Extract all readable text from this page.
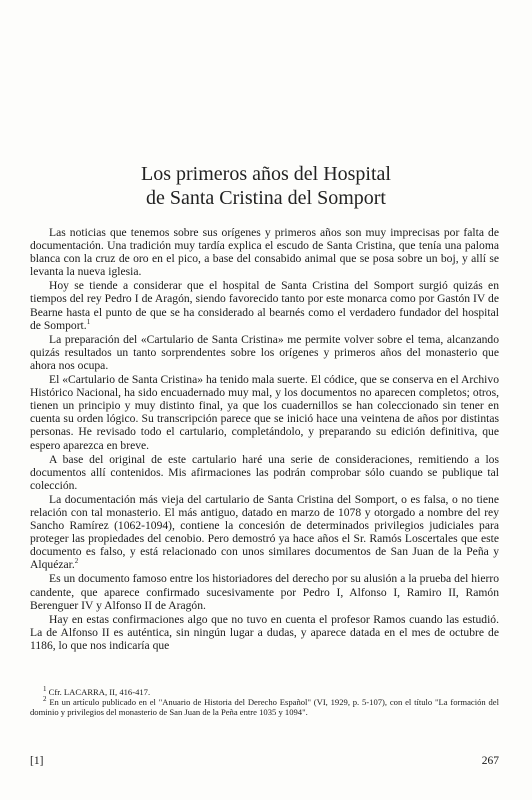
Los primeros años del Hospital
de Santa Cristina del Somport

Las noticias que tenemos sobre sus orígenes y primeros años son muy imprecisas por falta de documentación. Una tradición muy tardía explica el escudo de Santa Cristina, que tenía una paloma blanca con la cruz de oro en el pico, a base del consabido animal que se posa sobre un boj, y allí se levanta la nueva iglesia.

Hoy se tiende a considerar que el hospital de Santa Cristina del Somport surgió quizás en tiempos del rey Pedro I de Aragón, siendo favorecido tanto por este monarca como por Gastón IV de Bearne hasta el punto de que se ha considerado al bearnés como el verdadero fundador del hospital de Somport.$^1$

La preparación del «Cartulario de Santa Cristina» me permite volver sobre el tema, alcanzando quizás resultados un tanto sorprendentes sobre los orígenes y primeros años del monasterio que ahora nos ocupa.

El «Cartulario de Santa Cristina» ha tenido mala suerte. El códice, que se conserva en el Archivo Histórico Nacional, ha sido encuadernado muy mal, y los documentos no aparecen completos; otros, tienen un principio y muy distinto final, ya que los cuadernillos se han coleccionado sin tener en cuenta su orden lógico. Su transcripción parece que se inició hace una veintena de años por distintas personas. He revisado todo el cartulario, completándolo, y preparando su edición definitiva, que espero aparezca en breve.

A base del original de este cartulario haré una serie de consideraciones, remitiendo a los documentos allí contenidos. Mis afirmaciones las podrán comprobar sólo cuando se publique tal colección.

La documentación más vieja del cartulario de Santa Cristina del Somport, o es falsa, o no tiene relación con tal monasterio. El más antiguo, datado en marzo de 1078 y otorgado a nombre del rey Sancho Ramírez (1062-1094), contiene la concesión de determinados privilegios judiciales para proteger las propiedades del cenobio. Pero demostró ya hace años el Sr. Ramós Loscertales que este documento es falso, y está relacionado con unos similares documentos de San Juan de la Peña y Alquézar.$^2$

Es un documento famoso entre los historiadores del derecho por su alusión a la prueba del hierro candente, que aparece confirmado sucesivamente por Pedro I, Alfonso I, Ramiro II, Ramón Berenguer IV y Alfonso II de Aragón.

Hay en estas confirmaciones algo que no tuvo en cuenta el profesor Ramos cuando las estudió. La de Alfonso II es auténtica, sin ningún lugar a dudas, y aparece datada en el mes de octubre de 1186, lo que nos indicaría que

$^1$ Cfr. LACARRA, II, 416-417.

$^2$ En un artículo publicado en el "Anuario de Historia del Derecho Español" (VI, 1929, p. 5-107), con el título "La formación del dominio y privilegios del monasterio de San Juan de la Peña entre 1035 y 1094".

[1]	267
